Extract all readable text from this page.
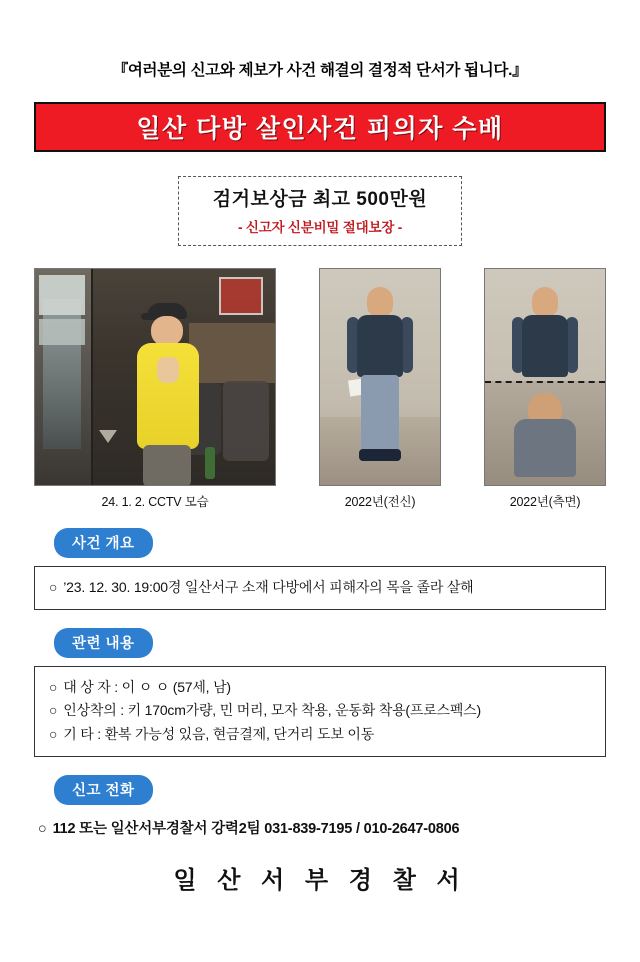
『여러분의 신고와 제보가 사건 해결의 결정적 단서가 됩니다.』
일산 다방 살인사건 피의자 수배
검거보상금 최고 500만원
- 신고자 신분비밀 절대보장 -
24. 1. 2. CCTV 모습	2022년(전신)	2022년(측면)
사건 개요
○ ’23. 12. 30. 19:00경 일산서구 소재 다방에서 피해자의 목을 졸라 살해
관련 내용
○ 대 상 자 : 이 ㅇ ㅇ (57세, 남)
○ 인상착의 : 키 170cm가량, 민 머리, 모자 착용, 운동화 착용(프로스펙스)
○ 기 타 : 환복 가능성 있음, 현금결제, 단거리 도보 이동
신고 전화
○ 112 또는 일산서부경찰서 강력2팀 031-839-7195 / 010-2647-0806
일 산 서 부 경 찰 서
